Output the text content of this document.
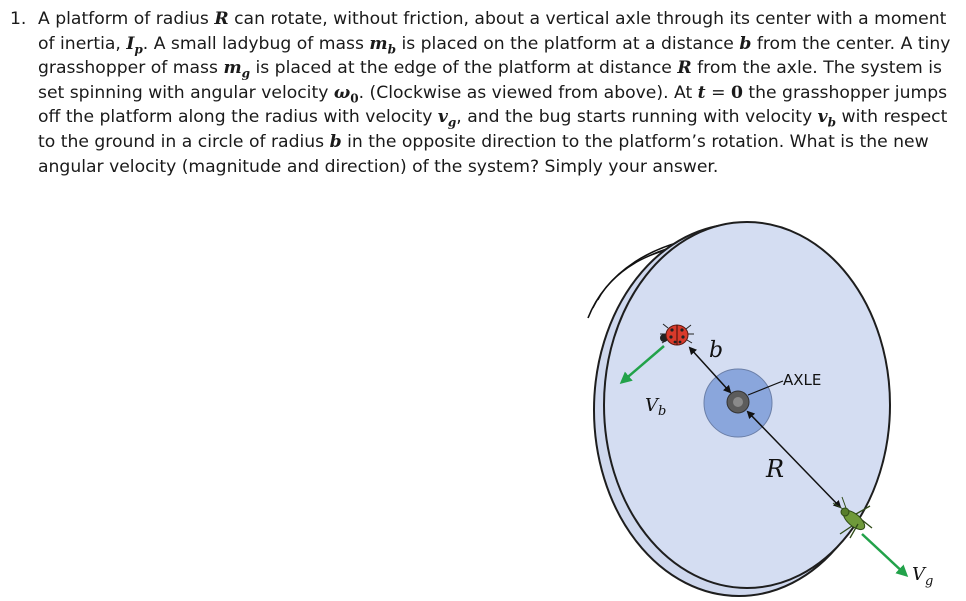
1. A platform of radius R can rotate, without friction, about a vertical axle through its center with a moment
of inertia, $I_p$. A small ladybug of mass $m_b$ is placed on the platform at a distance b from the center. A tiny
grasshopper of mass $m_g$ is placed at the edge of the platform at distance R from the axle. The system is
set spinning with angular velocity $\omega_0$. (Clockwise as viewed from above). At t = 0 the grasshopper jumps
off the platform along the radius with velocity $v_g$, and the bug starts running with velocity $v_b$ with respect
to the ground in a circle of radius b in the opposite direction to the platform’s rotation. What is the new
angular velocity (magnitude and direction) of the system? Simply your answer.
AXLE
b
R
$V_b$
$V_g$
